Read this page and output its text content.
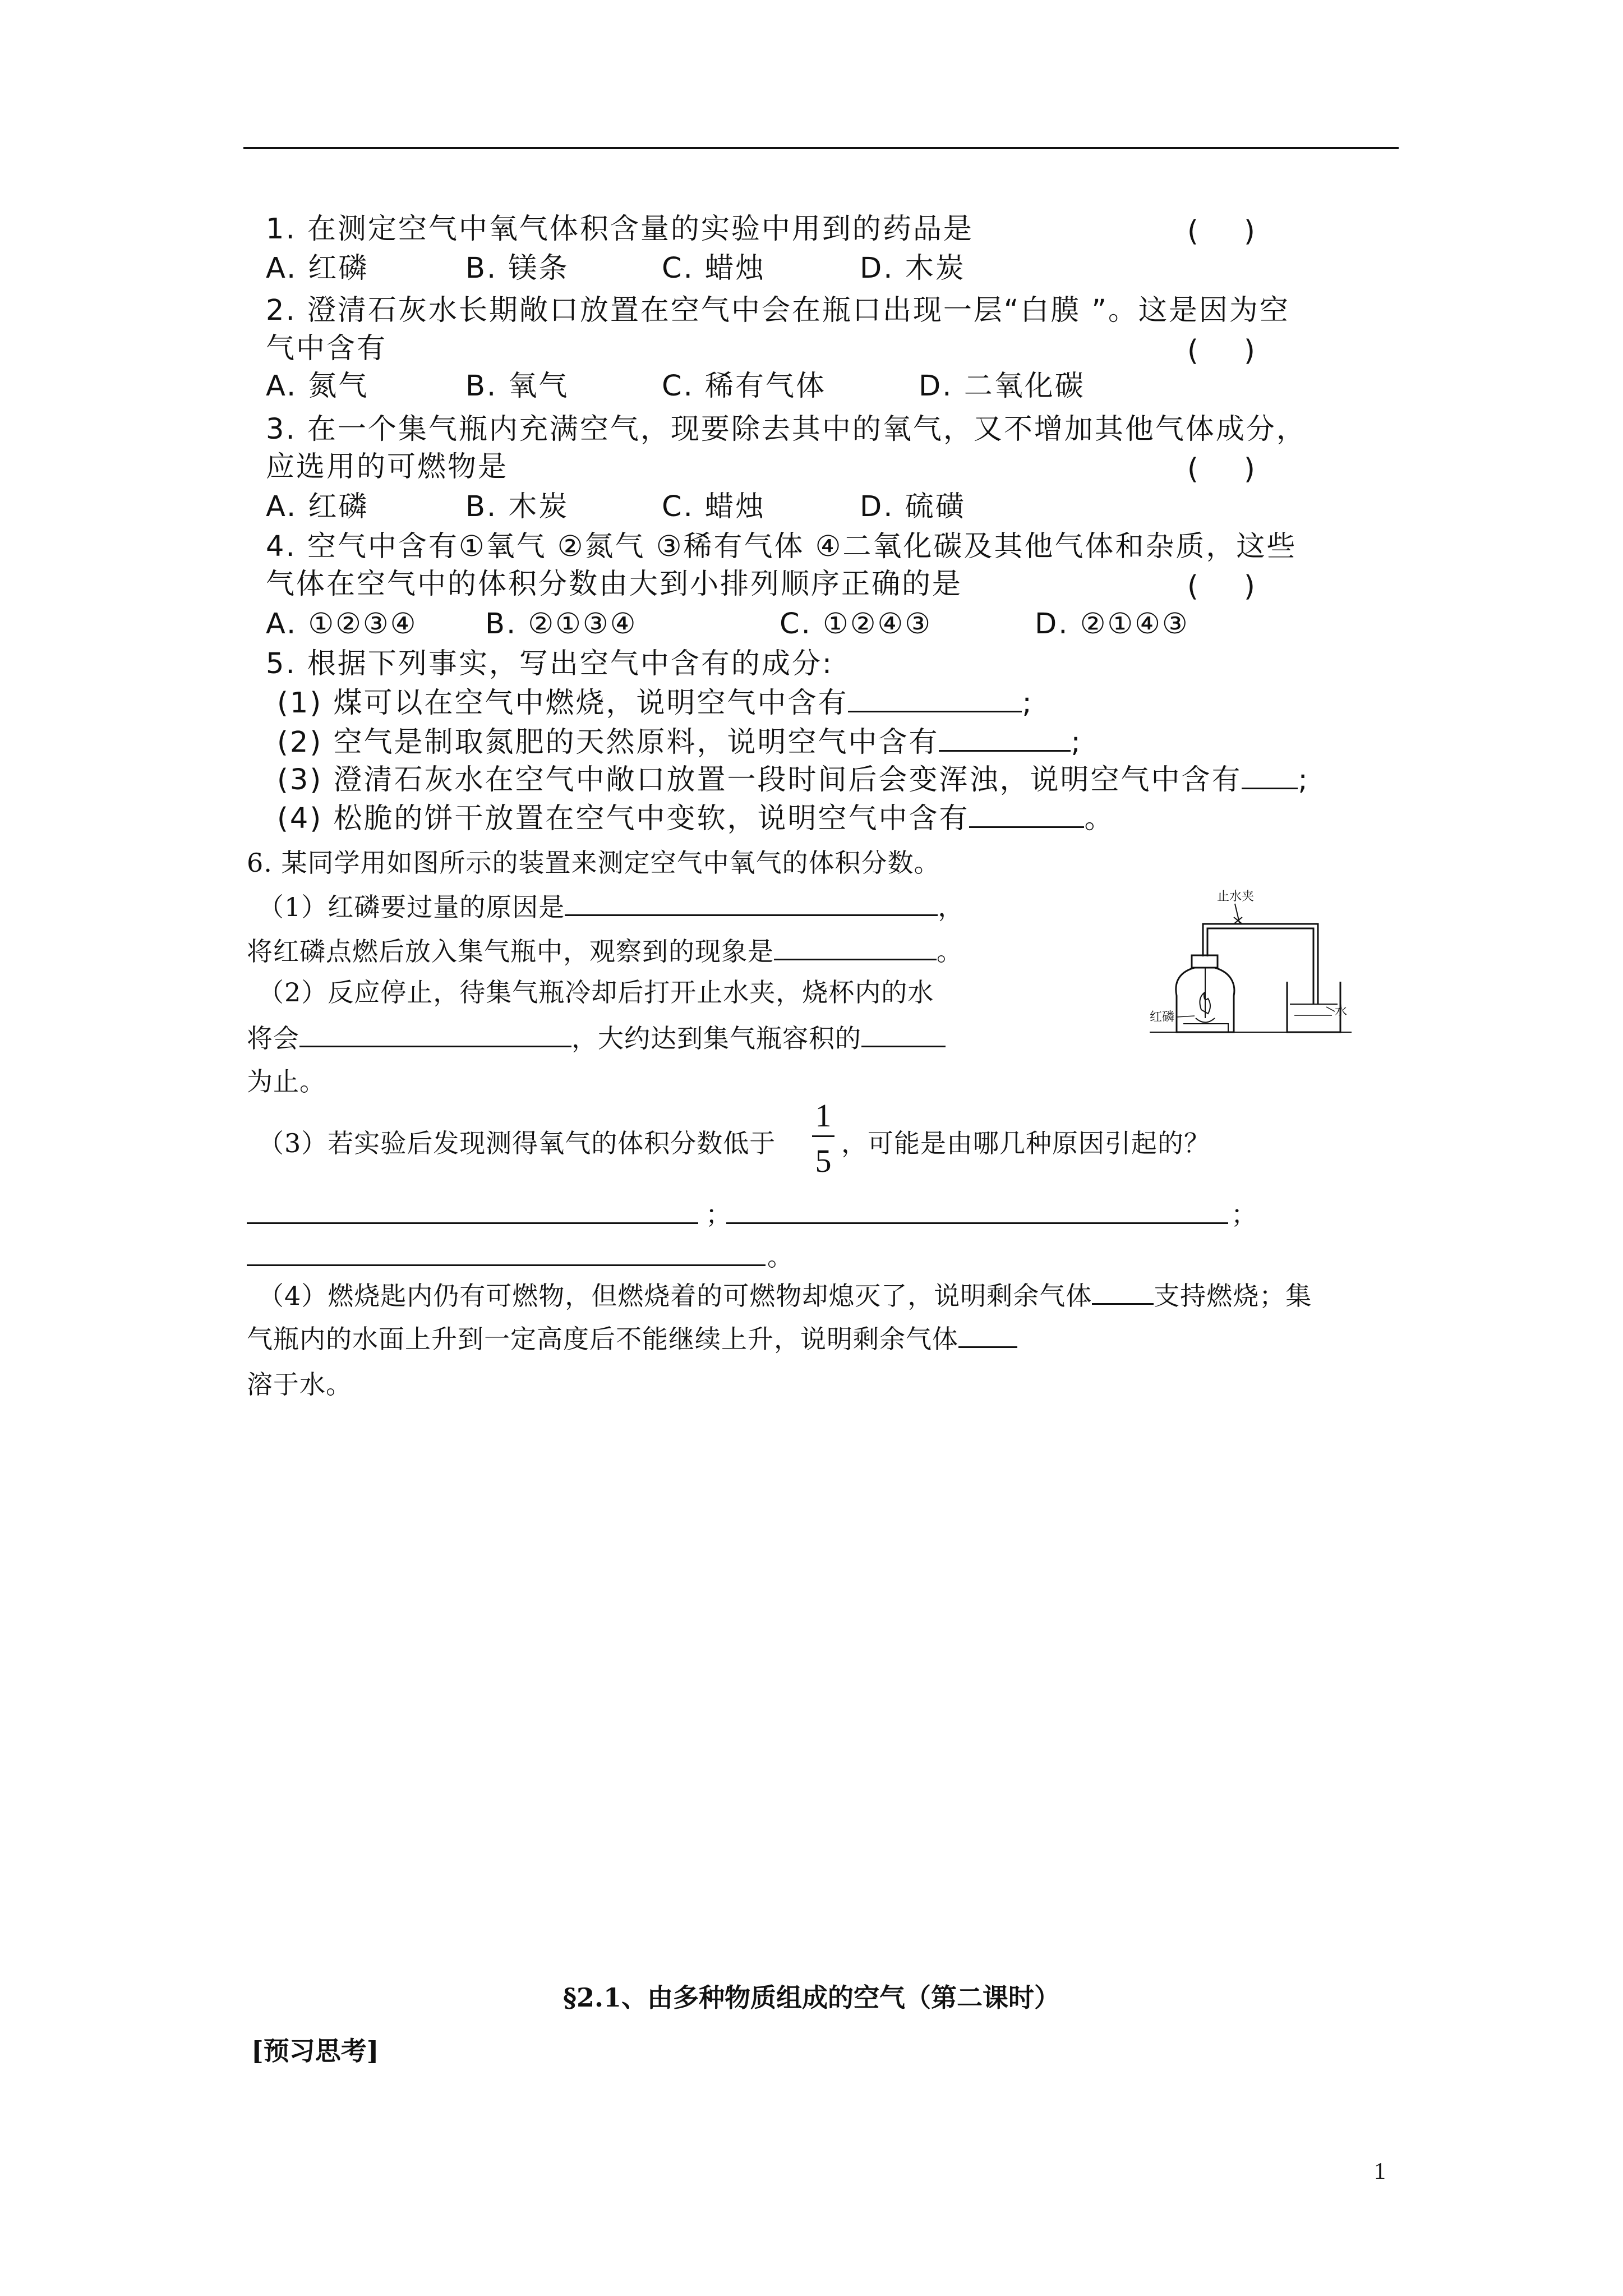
1. 在测定空气中氧气体积含量的实验中用到的药品是	(     )
A. 红磷	B. 镁条	C. 蜡烛	D. 木炭
2. 澄清石灰水长期敞口放置在空气中会在瓶口出现一层“白膜 ”。这是因为空
气中含有	(     )
A. 氮气	B. 氧气	C. 稀有气体	D. 二氧化碳
3. 在一个集气瓶内充满空气，现要除去其中的氧气，又不增加其他气体成分，
应选用的可燃物是	(     )
A. 红磷	B. 木炭	C. 蜡烛	D. 硫磺
4. 空气中含有①氧气 ②氮气 ③稀有气体 ④二氧化碳及其他气体和杂质，这些
气体在空气中的体积分数由大到小排列顺序正确的是	(     )
A. ①②③④ B. ②①③④	C. ①②④③	D. ②①④③
5. 根据下列事实，写出空气中含有的成分:
(1) 煤可以在空气中燃烧，说明空气中含有	;
(2) 空气是制取氮肥的天然原料，说明空气中含有	;
(3) 澄清石灰水在空气中敞口放置一段时间后会变浑浊，说明空气中含有 ;
(4) 松脆的饼干放置在空气中变软，说明空气中含有	。
6. 某同学用如图所示的装置来测定空气中氧气的体积分数。
（1）红磷要过量的原因是	，
将红磷点燃后放入集气瓶中，观察到的现象是	。
（2）反应停止，待集气瓶冷却后打开止水夹，烧杯内的水
将会	，大约达到集气瓶容积的
为止。
（3）若实验后发现测得氧气的体积分数低于
1
5 ，可能是由哪几种原因引起的？
；	；
。
（4）燃烧匙内仍有可燃物，但燃烧着的可燃物却熄灭了，说明剩余气体 支持燃烧；集
气瓶内的水面上升到一定高度后不能继续上升，说明剩余气体
溶于水。
止水夹
红磷	水
§2.1、由多种物质组成的空气（第二课时）
[预习思考]
1
